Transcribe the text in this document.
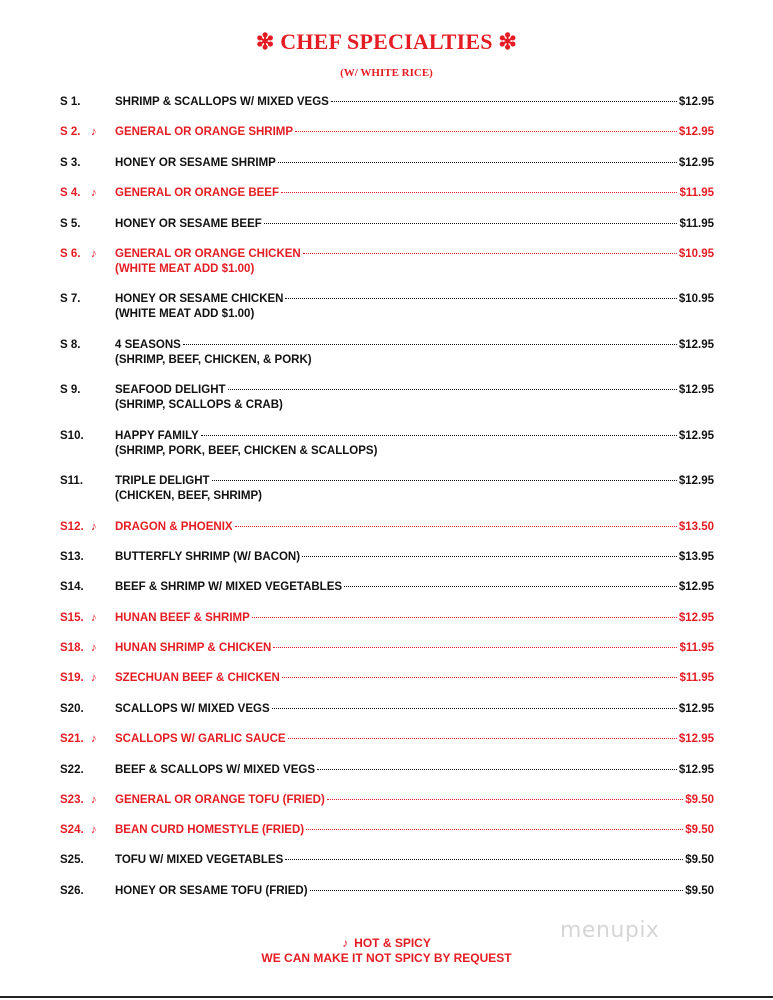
❇ CHEF SPECIALTIES ❇
(W/ WHITE RICE)
S 1.	SHRIMP & SCALLOPS W/ MIXED VEGS	$12.95
S 2. ♪ GENERAL OR ORANGE SHRIMP	$12.95
S 3.	HONEY OR SESAME SHRIMP	$12.95
S 4. ♪ GENERAL OR ORANGE BEEF	$11.95
S 5.	HONEY OR SESAME BEEF	$11.95
S 6. ♪ GENERAL OR ORANGE CHICKEN	$10.95
(WHITE MEAT ADD $1.00)
S 7.	HONEY OR SESAME CHICKEN	$10.95
(WHITE MEAT ADD $1.00)
S 8.	4 SEASONS	$12.95
(SHRIMP, BEEF, CHICKEN, & PORK)
S 9.	SEAFOOD DELIGHT	$12.95
(SHRIMP, SCALLOPS & CRAB)
S10.	HAPPY FAMILY	$12.95
(SHRIMP, PORK, BEEF, CHICKEN & SCALLOPS)
S11.	TRIPLE DELIGHT	$12.95
(CHICKEN, BEEF, SHRIMP)
S12. ♪ DRAGON & PHOENIX	$13.50
S13.	BUTTERFLY SHRIMP (W/ BACON)	$13.95
S14.	BEEF & SHRIMP W/ MIXED VEGETABLES	$12.95
S15. ♪ HUNAN BEEF & SHRIMP	$12.95
S18. ♪ HUNAN SHRIMP & CHICKEN	$11.95
S19. ♪ SZECHUAN BEEF & CHICKEN	$11.95
S20.	SCALLOPS W/ MIXED VEGS	$12.95
S21. ♪ SCALLOPS W/ GARLIC SAUCE	$12.95
S22.	BEEF & SCALLOPS W/ MIXED VEGS	$12.95
S23. ♪ GENERAL OR ORANGE TOFU (FRIED)	$9.50
S24. ♪ BEAN CURD HOMESTYLE (FRIED)	$9.50
S25.	TOFU W/ MIXED VEGETABLES	$9.50
S26.	HONEY OR SESAME TOFU (FRIED)	$9.50
♪ HOT & SPICY
WE CAN MAKE IT NOT SPICY BY REQUEST
menupix
